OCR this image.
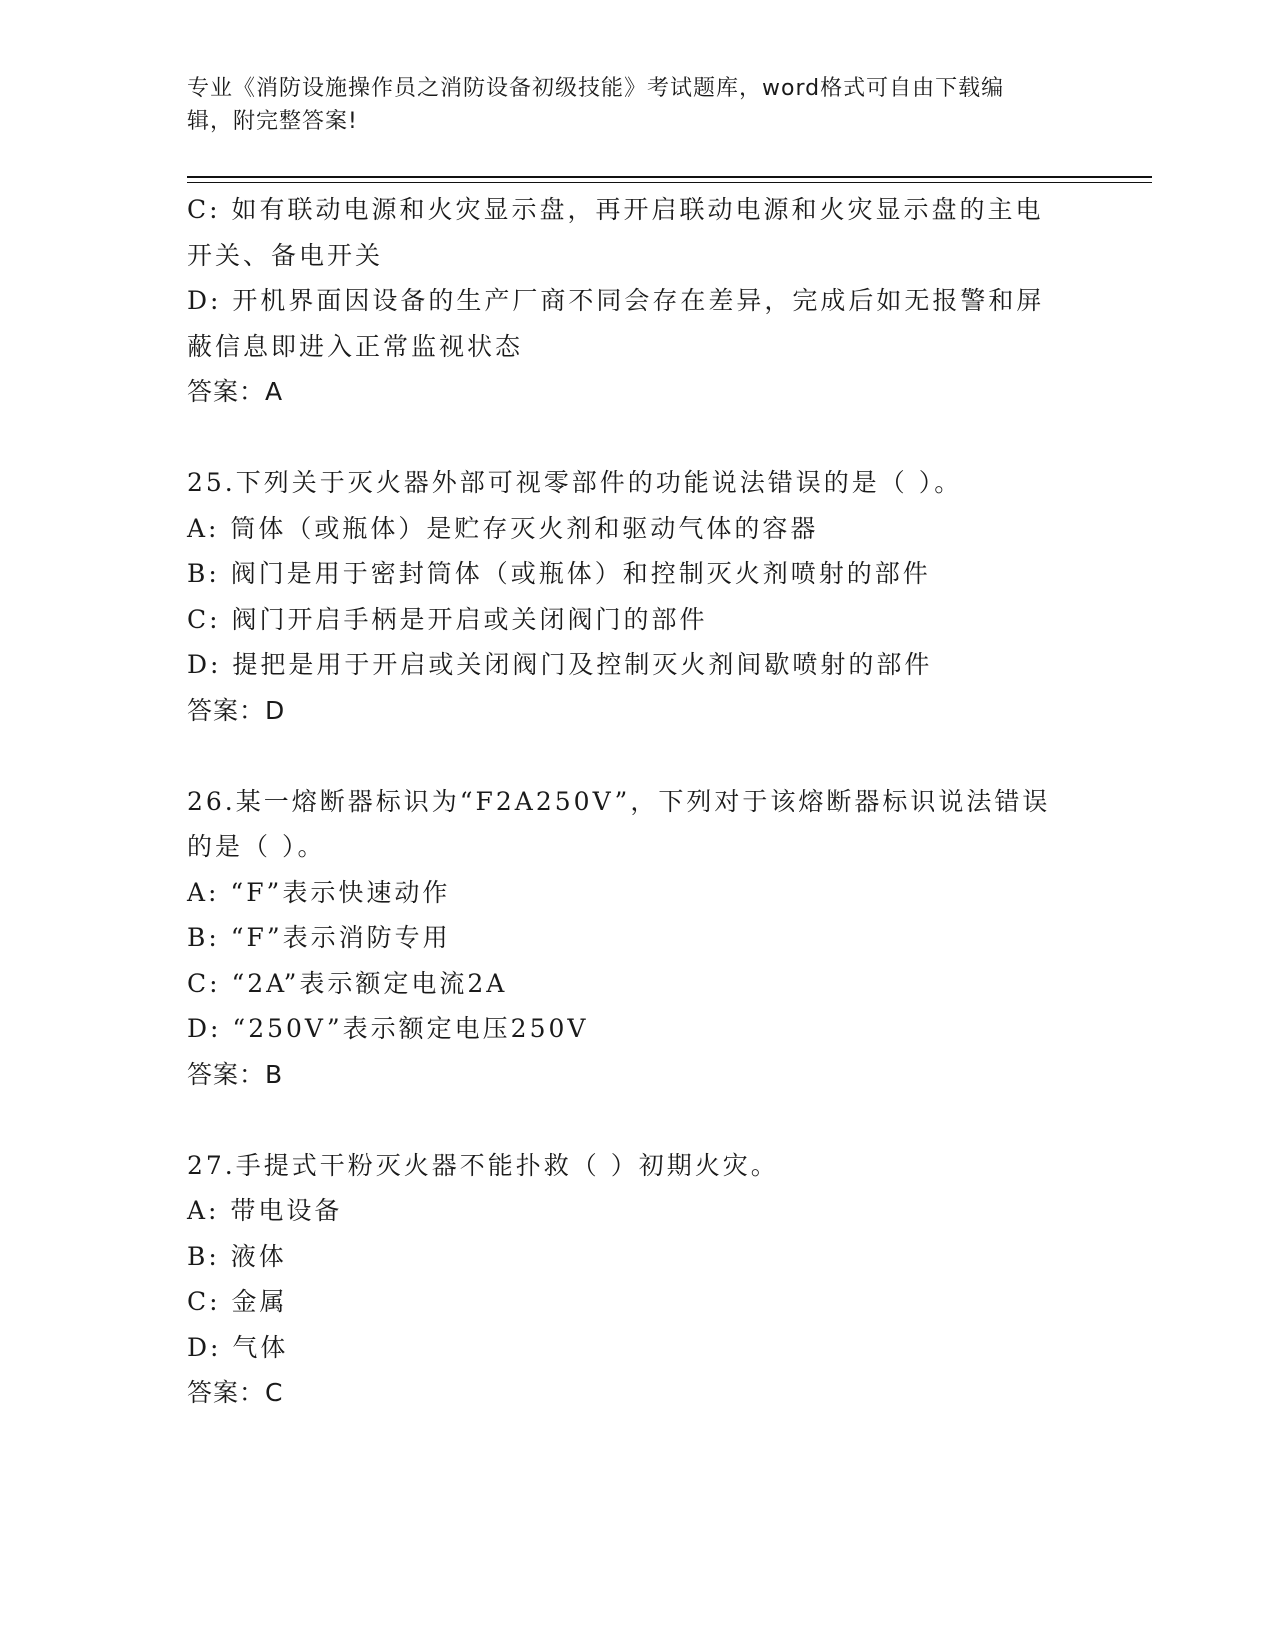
专业《消防设施操作员之消防设备初级技能》考试题库，word格式可自由下载编
辑，附完整答案!
C: 如有联动电源和火灾显示盘，再开启联动电源和火灾显示盘的主电
开关、备电开关
D: 开机界面因设备的生产厂商不同会存在差异，完成后如无报警和屏
蔽信息即进入正常监视状态
答案：A
25.下列关于灭火器外部可视零部件的功能说法错误的是（ ）。
A: 筒体（或瓶体）是贮存灭火剂和驱动气体的容器
B: 阀门是用于密封筒体（或瓶体）和控制灭火剂喷射的部件
C: 阀门开启手柄是开启或关闭阀门的部件
D: 提把是用于开启或关闭阀门及控制灭火剂间歇喷射的部件
答案：D
26.某一熔断器标识为“F2A250V”，下列对于该熔断器标识说法错误
的是（ ）。
A: “F”表示快速动作
B: “F”表示消防专用
C: “2A”表示额定电流2A
D: “250V”表示额定电压250V
答案：B
27.手提式干粉灭火器不能扑救（ ）初期火灾。
A: 带电设备
B: 液体
C: 金属
D: 气体
答案：C
